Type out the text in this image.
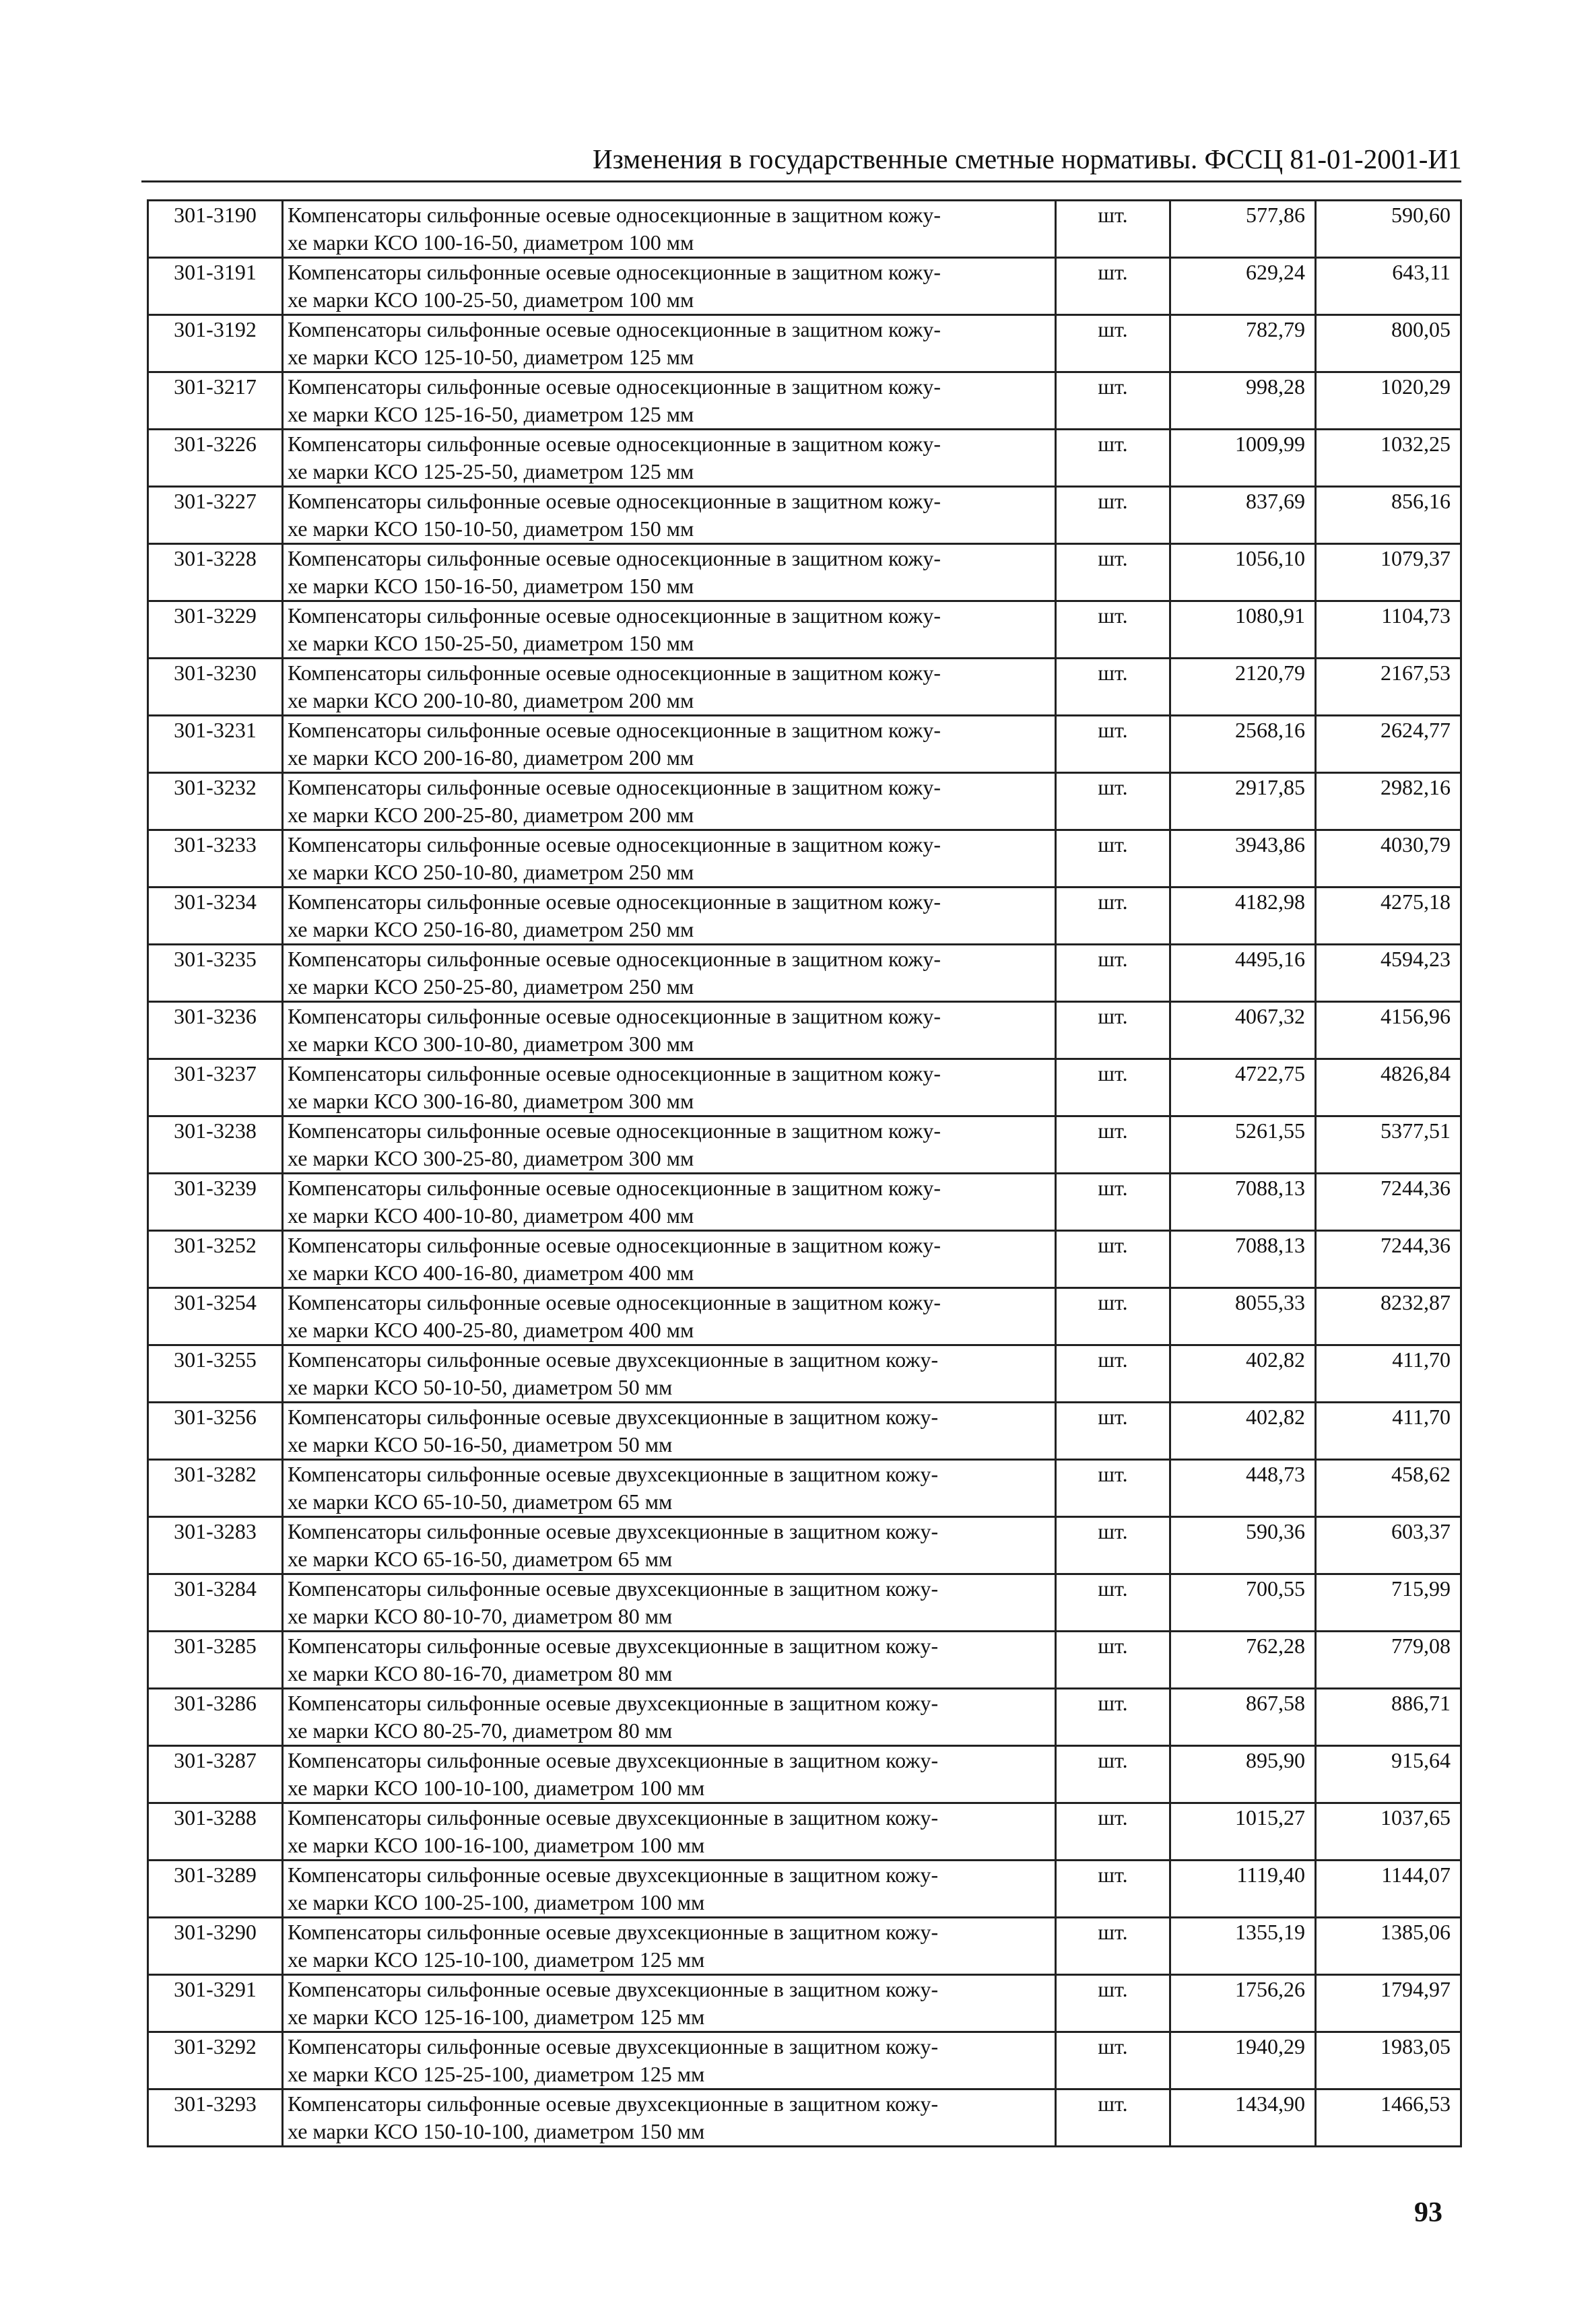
Изменения в государственные сметные нормативы. ФССЦ 81-01-2001-И1
301-3190	Компенсаторы сильфонные осевые односекционные в защитном кожу-
хе марки КСО 100-16-50, диаметром 100 мм	шт.	577,86	590,60
301-3191	Компенсаторы сильфонные осевые односекционные в защитном кожу-
хе марки КСО 100-25-50, диаметром 100 мм	шт.	629,24	643,11
301-3192	Компенсаторы сильфонные осевые односекционные в защитном кожу-
хе марки КСО 125-10-50, диаметром 125 мм	шт.	782,79	800,05
301-3217	Компенсаторы сильфонные осевые односекционные в защитном кожу-
хе марки КСО 125-16-50, диаметром 125 мм	шт.	998,28	1020,29
301-3226	Компенсаторы сильфонные осевые односекционные в защитном кожу-
хе марки КСО 125-25-50, диаметром 125 мм	шт.	1009,99	1032,25
301-3227	Компенсаторы сильфонные осевые односекционные в защитном кожу-
хе марки КСО 150-10-50, диаметром 150 мм	шт.	837,69	856,16
301-3228	Компенсаторы сильфонные осевые односекционные в защитном кожу-
хе марки КСО 150-16-50, диаметром 150 мм	шт.	1056,10	1079,37
301-3229	Компенсаторы сильфонные осевые односекционные в защитном кожу-
хе марки КСО 150-25-50, диаметром 150 мм	шт.	1080,91	1104,73
301-3230	Компенсаторы сильфонные осевые односекционные в защитном кожу-
хе марки КСО 200-10-80, диаметром 200 мм	шт.	2120,79	2167,53
301-3231	Компенсаторы сильфонные осевые односекционные в защитном кожу-
хе марки КСО 200-16-80, диаметром 200 мм	шт.	2568,16	2624,77
301-3232	Компенсаторы сильфонные осевые односекционные в защитном кожу-
хе марки КСО 200-25-80, диаметром 200 мм	шт.	2917,85	2982,16
301-3233	Компенсаторы сильфонные осевые односекционные в защитном кожу-
хе марки КСО 250-10-80, диаметром 250 мм	шт.	3943,86	4030,79
301-3234	Компенсаторы сильфонные осевые односекционные в защитном кожу-
хе марки КСО 250-16-80, диаметром 250 мм	шт.	4182,98	4275,18
301-3235	Компенсаторы сильфонные осевые односекционные в защитном кожу-
хе марки КСО 250-25-80, диаметром 250 мм	шт.	4495,16	4594,23
301-3236	Компенсаторы сильфонные осевые односекционные в защитном кожу-
хе марки КСО 300-10-80, диаметром 300 мм	шт.	4067,32	4156,96
301-3237	Компенсаторы сильфонные осевые односекционные в защитном кожу-
хе марки КСО 300-16-80, диаметром 300 мм	шт.	4722,75	4826,84
301-3238	Компенсаторы сильфонные осевые односекционные в защитном кожу-
хе марки КСО 300-25-80, диаметром 300 мм	шт.	5261,55	5377,51
301-3239	Компенсаторы сильфонные осевые односекционные в защитном кожу-
хе марки КСО 400-10-80, диаметром 400 мм	шт.	7088,13	7244,36
301-3252	Компенсаторы сильфонные осевые односекционные в защитном кожу-
хе марки КСО 400-16-80, диаметром 400 мм	шт.	7088,13	7244,36
301-3254	Компенсаторы сильфонные осевые односекционные в защитном кожу-
хе марки КСО 400-25-80, диаметром 400 мм	шт.	8055,33	8232,87
301-3255	Компенсаторы сильфонные осевые двухсекционные в защитном кожу-
хе марки КСО 50-10-50, диаметром 50 мм	шт.	402,82	411,70
301-3256	Компенсаторы сильфонные осевые двухсекционные в защитном кожу-
хе марки КСО 50-16-50, диаметром 50 мм	шт.	402,82	411,70
301-3282	Компенсаторы сильфонные осевые двухсекционные в защитном кожу-
хе марки КСО 65-10-50, диаметром 65 мм	шт.	448,73	458,62
301-3283	Компенсаторы сильфонные осевые двухсекционные в защитном кожу-
хе марки КСО 65-16-50, диаметром 65 мм	шт.	590,36	603,37
301-3284	Компенсаторы сильфонные осевые двухсекционные в защитном кожу-
хе марки КСО 80-10-70, диаметром 80 мм	шт.	700,55	715,99
301-3285	Компенсаторы сильфонные осевые двухсекционные в защитном кожу-
хе марки КСО 80-16-70, диаметром 80 мм	шт.	762,28	779,08
301-3286	Компенсаторы сильфонные осевые двухсекционные в защитном кожу-
хе марки КСО 80-25-70, диаметром 80 мм	шт.	867,58	886,71
301-3287	Компенсаторы сильфонные осевые двухсекционные в защитном кожу-
хе марки КСО 100-10-100, диаметром 100 мм	шт.	895,90	915,64
301-3288	Компенсаторы сильфонные осевые двухсекционные в защитном кожу-
хе марки КСО 100-16-100, диаметром 100 мм	шт.	1015,27	1037,65
301-3289	Компенсаторы сильфонные осевые двухсекционные в защитном кожу-
хе марки КСО 100-25-100, диаметром 100 мм	шт.	1119,40	1144,07
301-3290	Компенсаторы сильфонные осевые двухсекционные в защитном кожу-
хе марки КСО 125-10-100, диаметром 125 мм	шт.	1355,19	1385,06
301-3291	Компенсаторы сильфонные осевые двухсекционные в защитном кожу-
хе марки КСО 125-16-100, диаметром 125 мм	шт.	1756,26	1794,97
301-3292	Компенсаторы сильфонные осевые двухсекционные в защитном кожу-
хе марки КСО 125-25-100, диаметром 125 мм	шт.	1940,29	1983,05
301-3293	Компенсаторы сильфонные осевые двухсекционные в защитном кожу-
хе марки КСО 150-10-100, диаметром 150 мм	шт.	1434,90	1466,53
93
